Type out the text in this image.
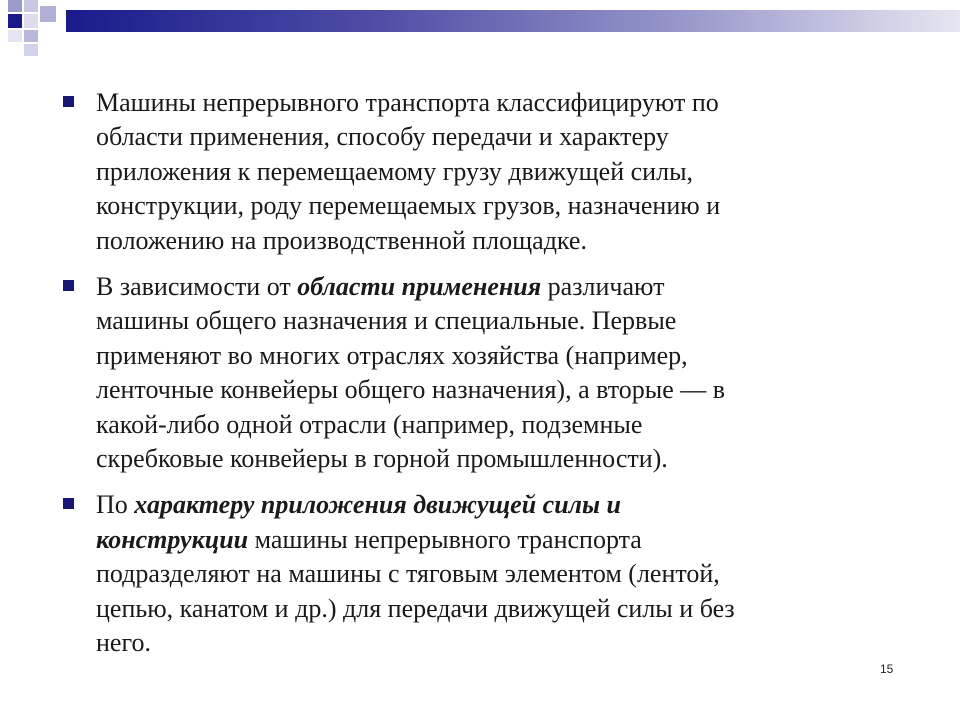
Машины непрерывного транспорта классифицируют по
области применения, способу передачи и характеру
приложения к перемещаемому грузу движущей силы,
конструкции, роду перемещаемых грузов, назначению и
положению на производственной площадке.
В зависимости от области применения различают
машины общего назначения и специальные. Первые
применяют во многих отраслях хозяйства (например,
ленточные конвейеры общего назначения), а вторые — в
какой-либо одной отрасли (например, подземные
скребковые конвейеры в горной промышленности).
По характеру приложения движущей силы и
конструкции машины непрерывного транспорта
подразделяют на машины с тяговым элементом (лентой,
цепью, канатом и др.) для передачи движущей силы и без
него.
15
